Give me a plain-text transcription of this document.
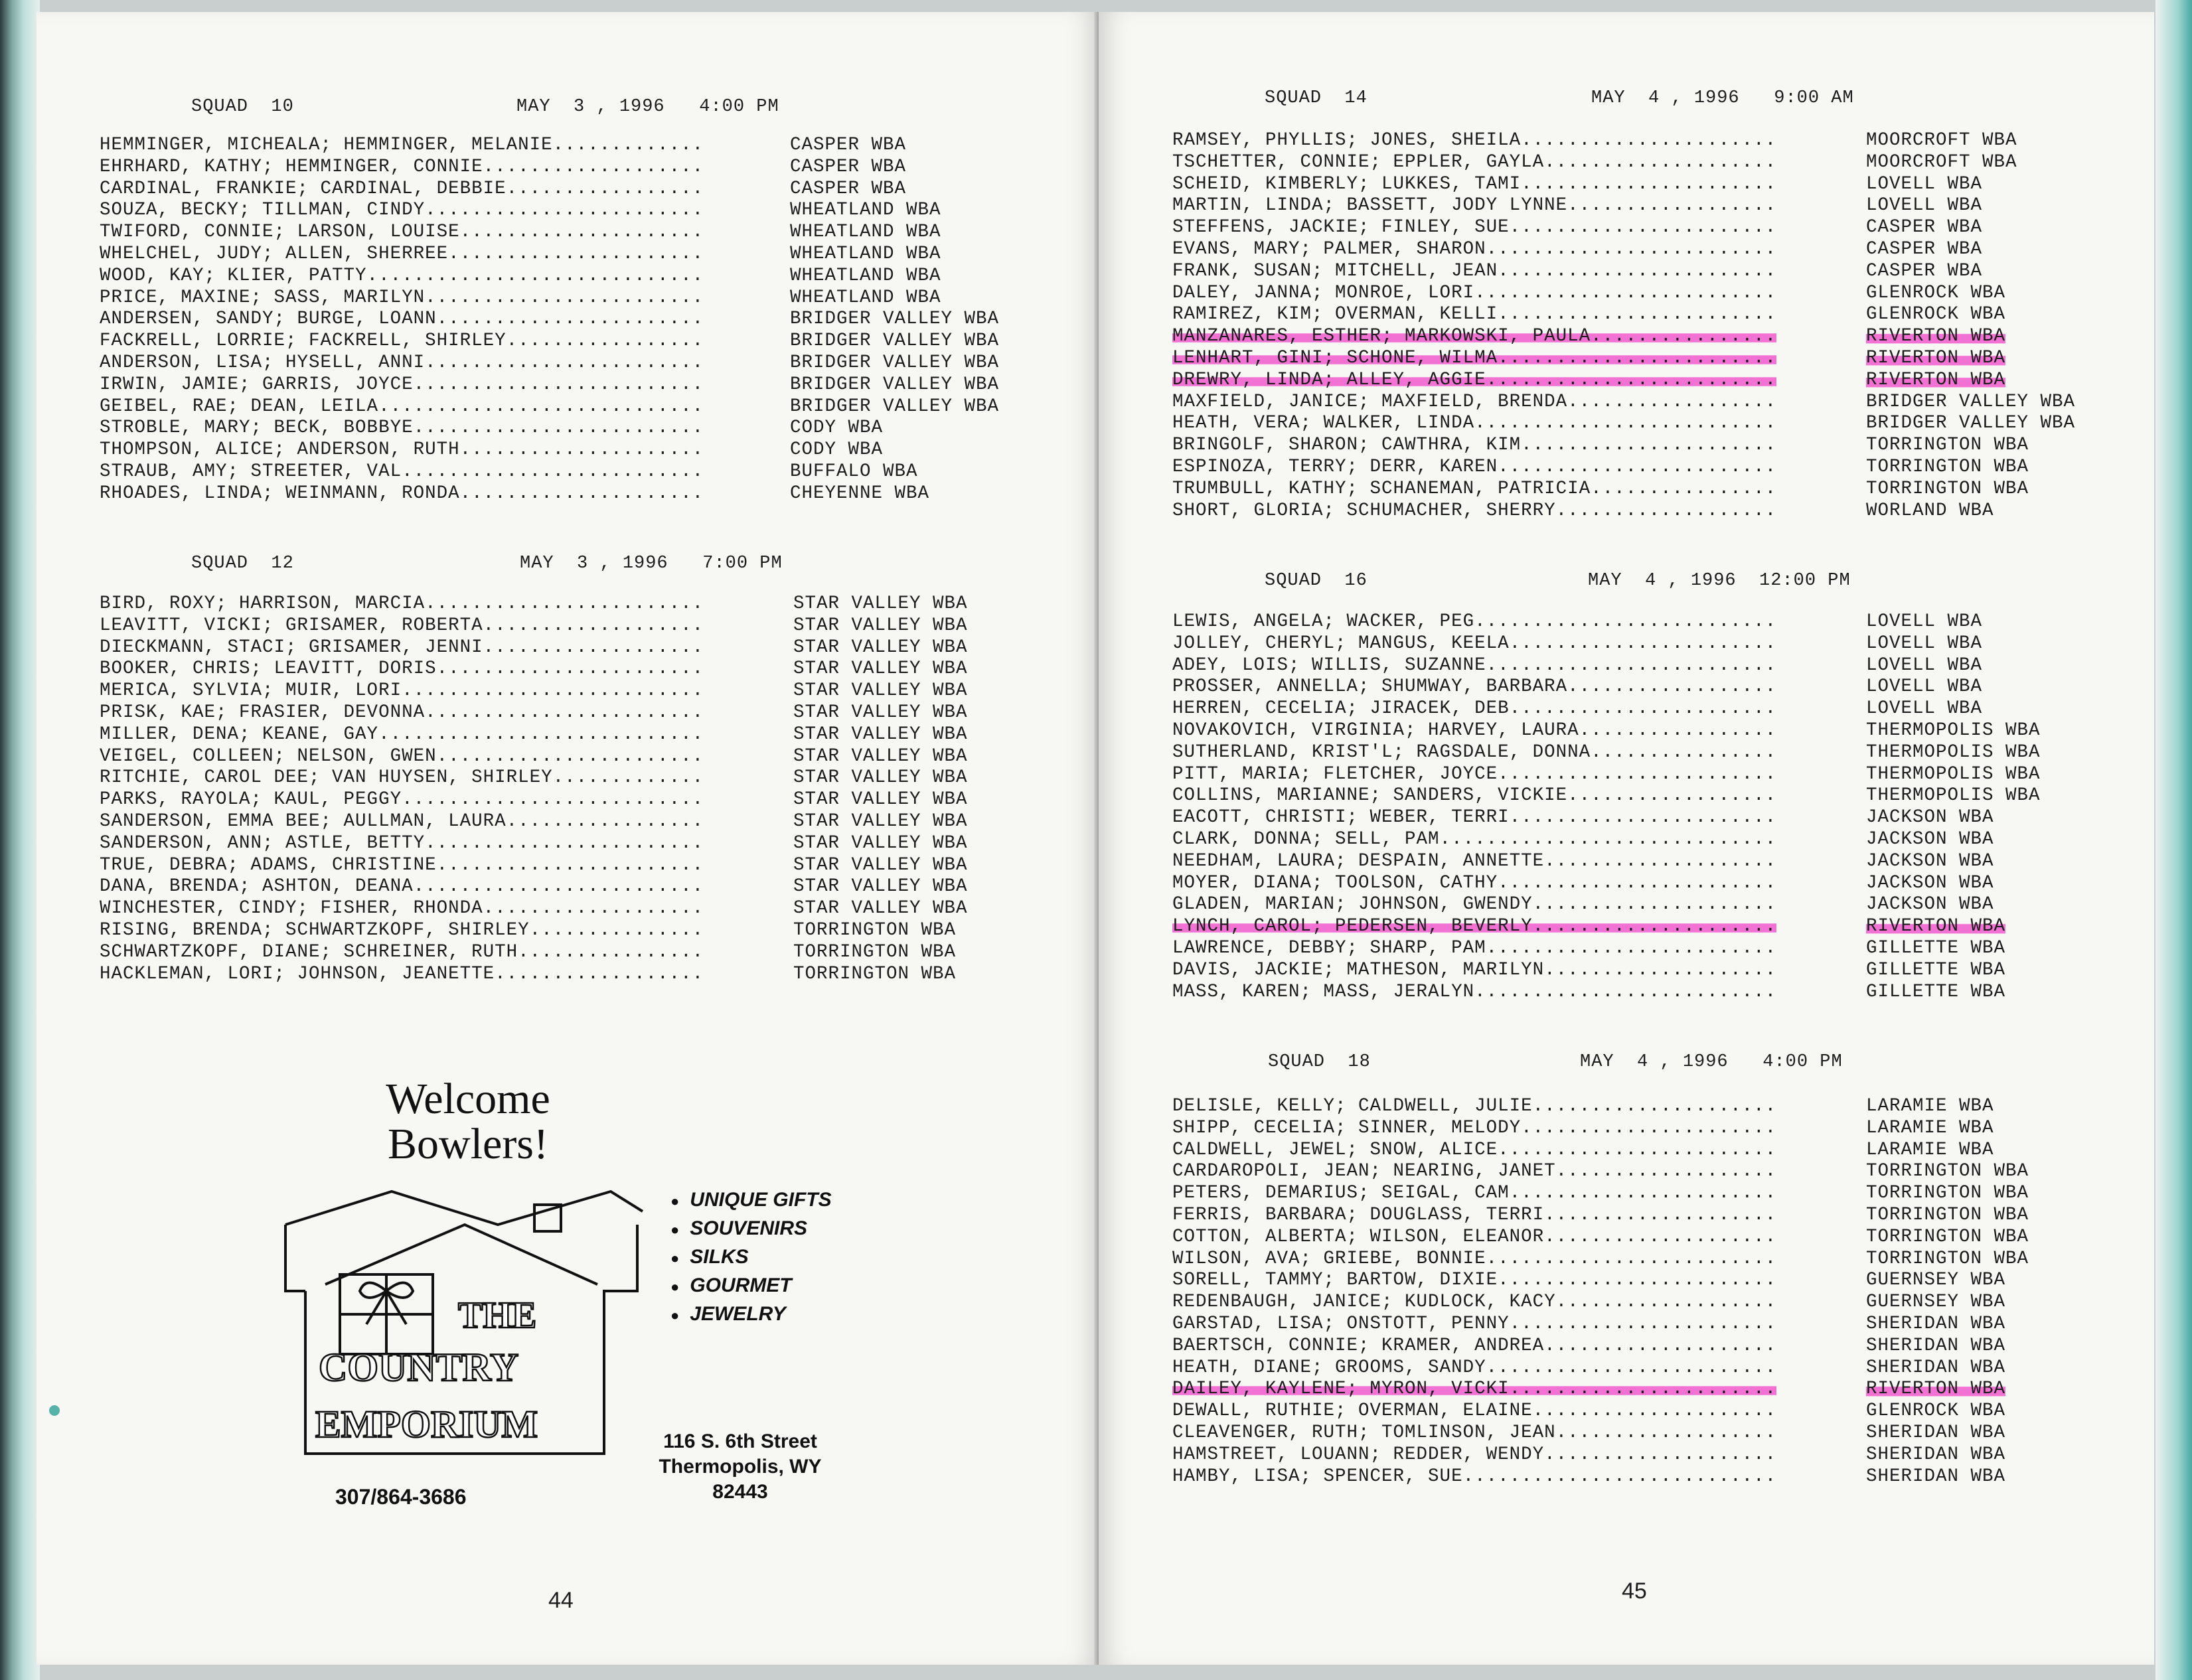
SQUAD  10	MAY  3 , 1996   4:00 PM
HEMMINGER, MICHEALA; HEMMINGER, MELANIE.............	CASPER WBA
EHRHARD, KATHY; HEMMINGER, CONNIE...................	CASPER WBA
CARDINAL, FRANKIE; CARDINAL, DEBBIE.................	CASPER WBA
SOUZA, BECKY; TILLMAN, CINDY........................	WHEATLAND WBA
TWIFORD, CONNIE; LARSON, LOUISE.....................	WHEATLAND WBA
WHELCHEL, JUDY; ALLEN, SHERREE......................	WHEATLAND WBA
WOOD, KAY; KLIER, PATTY.............................	WHEATLAND WBA
PRICE, MAXINE; SASS, MARILYN........................	WHEATLAND WBA
ANDERSEN, SANDY; BURGE, LOANN.......................	BRIDGER VALLEY WBA
FACKRELL, LORRIE; FACKRELL, SHIRLEY.................	BRIDGER VALLEY WBA
ANDERSON, LISA; HYSELL, ANNI........................	BRIDGER VALLEY WBA
IRWIN, JAMIE; GARRIS, JOYCE.........................	BRIDGER VALLEY WBA
GEIBEL, RAE; DEAN, LEILA............................	BRIDGER VALLEY WBA
STROBLE, MARY; BECK, BOBBYE.........................	CODY WBA
THOMPSON, ALICE; ANDERSON, RUTH.....................	CODY WBA
STRAUB, AMY; STREETER, VAL..........................	BUFFALO WBA
RHOADES, LINDA; WEINMANN, RONDA.....................	CHEYENNE WBA
SQUAD  12	MAY  3 , 1996   7:00 PM
BIRD, ROXY; HARRISON, MARCIA........................	STAR VALLEY WBA
LEAVITT, VICKI; GRISAMER, ROBERTA...................	STAR VALLEY WBA
DIECKMANN, STACI; GRISAMER, JENNI...................	STAR VALLEY WBA
BOOKER, CHRIS; LEAVITT, DORIS.......................	STAR VALLEY WBA
MERICA, SYLVIA; MUIR, LORI..........................	STAR VALLEY WBA
PRISK, KAE; FRASIER, DEVONNA........................	STAR VALLEY WBA
MILLER, DENA; KEANE, GAY............................	STAR VALLEY WBA
VEIGEL, COLLEEN; NELSON, GWEN.......................	STAR VALLEY WBA
RITCHIE, CAROL DEE; VAN HUYSEN, SHIRLEY.............	STAR VALLEY WBA
PARKS, RAYOLA; KAUL, PEGGY..........................	STAR VALLEY WBA
SANDERSON, EMMA BEE; AULLMAN, LAURA.................	STAR VALLEY WBA
SANDERSON, ANN; ASTLE, BETTY........................	STAR VALLEY WBA
TRUE, DEBRA; ADAMS, CHRISTINE.......................	STAR VALLEY WBA
DANA, BRENDA; ASHTON, DEANA.........................	STAR VALLEY WBA
WINCHESTER, CINDY; FISHER, RHONDA...................	STAR VALLEY WBA
RISING, BRENDA; SCHWARTZKOPF, SHIRLEY...............	TORRINGTON WBA
SCHWARTZKOPF, DIANE; SCHREINER, RUTH................	TORRINGTON WBA
HACKLEMAN, LORI; JOHNSON, JEANETTE..................	TORRINGTON WBA
SQUAD  14	MAY  4 , 1996   9:00 AM
RAMSEY, PHYLLIS; JONES, SHEILA......................	MOORCROFT WBA
TSCHETTER, CONNIE; EPPLER, GAYLA....................	MOORCROFT WBA
SCHEID, KIMBERLY; LUKKES, TAMI......................	LOVELL WBA
MARTIN, LINDA; BASSETT, JODY LYNNE..................	LOVELL WBA
STEFFENS, JACKIE; FINLEY, SUE.......................	CASPER WBA
EVANS, MARY; PALMER, SHARON.........................	CASPER WBA
FRANK, SUSAN; MITCHELL, JEAN........................	CASPER WBA
DALEY, JANNA; MONROE, LORI..........................	GLENROCK WBA
RAMIREZ, KIM; OVERMAN, KELLI........................	GLENROCK WBA
MANZANARES, ESTHER; MARKOWSKI, PAULA................	RIVERTON WBA
LENHART, GINI; SCHONE, WILMA........................	RIVERTON WBA
DREWRY, LINDA; ALLEY, AGGIE.........................	RIVERTON WBA
MAXFIELD, JANICE; MAXFIELD, BRENDA..................	BRIDGER VALLEY WBA
HEATH, VERA; WALKER, LINDA..........................	BRIDGER VALLEY WBA
BRINGOLF, SHARON; CAWTHRA, KIM......................	TORRINGTON WBA
ESPINOZA, TERRY; DERR, KAREN........................	TORRINGTON WBA
TRUMBULL, KATHY; SCHANEMAN, PATRICIA................	TORRINGTON WBA
SHORT, GLORIA; SCHUMACHER, SHERRY...................	WORLAND WBA
SQUAD  16	MAY  4 , 1996  12:00 PM
LEWIS, ANGELA; WACKER, PEG..........................	LOVELL WBA
JOLLEY, CHERYL; MANGUS, KEELA.......................	LOVELL WBA
ADEY, LOIS; WILLIS, SUZANNE.........................	LOVELL WBA
PROSSER, ANNELLA; SHUMWAY, BARBARA..................	LOVELL WBA
HERREN, CECELIA; JIRACEK, DEB.......................	LOVELL WBA
NOVAKOVICH, VIRGINIA; HARVEY, LAURA.................	THERMOPOLIS WBA
SUTHERLAND, KRIST'L; RAGSDALE, DONNA................	THERMOPOLIS WBA
PITT, MARIA; FLETCHER, JOYCE........................	THERMOPOLIS WBA
COLLINS, MARIANNE; SANDERS, VICKIE..................	THERMOPOLIS WBA
EACOTT, CHRISTI; WEBER, TERRI.......................	JACKSON WBA
CLARK, DONNA; SELL, PAM.............................	JACKSON WBA
NEEDHAM, LAURA; DESPAIN, ANNETTE....................	JACKSON WBA
MOYER, DIANA; TOOLSON, CATHY........................	JACKSON WBA
GLADEN, MARIAN; JOHNSON, GWENDY.....................	JACKSON WBA
LYNCH, CAROL; PEDERSEN, BEVERLY.....................	RIVERTON WBA
LAWRENCE, DEBBY; SHARP, PAM.........................	GILLETTE WBA
DAVIS, JACKIE; MATHESON, MARILYN....................	GILLETTE WBA
MASS, KAREN; MASS, JERALYN..........................	GILLETTE WBA
SQUAD  18	MAY  4 , 1996   4:00 PM
DELISLE, KELLY; CALDWELL, JULIE.....................	LARAMIE WBA
SHIPP, CECELIA; SINNER, MELODY......................	LARAMIE WBA
CALDWELL, JEWEL; SNOW, ALICE........................	LARAMIE WBA
CARDAROPOLI, JEAN; NEARING, JANET...................	TORRINGTON WBA
PETERS, DEMARIUS; SEIGAL, CAM.......................	TORRINGTON WBA
FERRIS, BARBARA; DOUGLASS, TERRI....................	TORRINGTON WBA
COTTON, ALBERTA; WILSON, ELEANOR....................	TORRINGTON WBA
WILSON, AVA; GRIEBE, BONNIE.........................	TORRINGTON WBA
SORELL, TAMMY; BARTOW, DIXIE........................	GUERNSEY WBA
REDENBAUGH, JANICE; KUDLOCK, KACY...................	GUERNSEY WBA
GARSTAD, LISA; ONSTOTT, PENNY.......................	SHERIDAN WBA
BAERTSCH, CONNIE; KRAMER, ANDREA....................	SHERIDAN WBA
HEATH, DIANE; GROOMS, SANDY.........................	SHERIDAN WBA
DAILEY, KAYLENE; MYRON, VICKI.......................	RIVERTON WBA
DEWALL, RUTHIE; OVERMAN, ELAINE.....................	GLENROCK WBA
CLEAVENGER, RUTH; TOMLINSON, JEAN...................	SHERIDAN WBA
HAMSTREET, LOUANN; REDDER, WENDY....................	SHERIDAN WBA
HAMBY, LISA; SPENCER, SUE...........................	SHERIDAN WBA
Welcome
Bowlers!
THE
COUNTRY
EMPORIUM
● UNIQUE GIFTS
● SOUVENIRS
● SILKS
● GOURMET
● JEWELRY
116 S. 6th Street
Thermopolis, WY
82443
307/864-3686
44	45
